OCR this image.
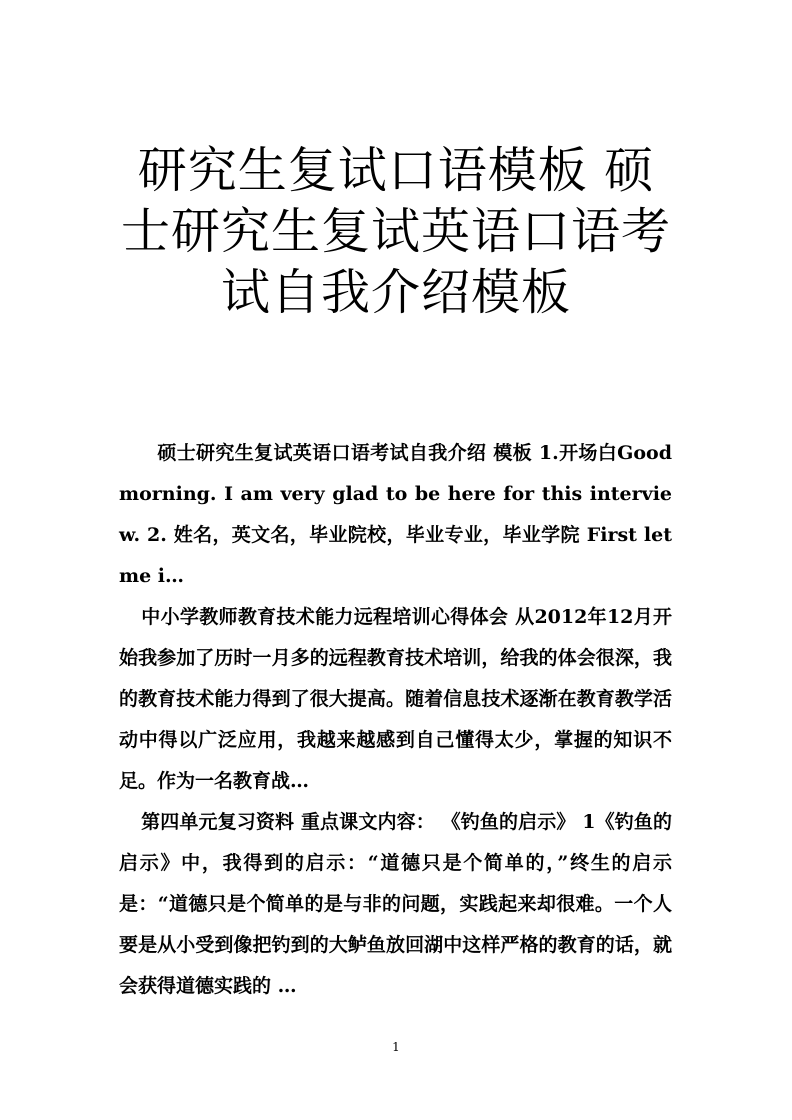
研究生复试口语模板 硕士研究生复试英语口语考试自我介绍模板

硕士研究生复试英语口语考试自我介绍 模板 1.开场白Good morning. I am very glad to be here for this interview. 2. 姓名，英文名，毕业院校，毕业专业，毕业学院 First let me i…

中小学教师教育技术能力远程培训心得体会 从2012年12月开始我参加了历时一月多的远程教育技术培训，给我的体会很深，我的教育技术能力得到了很大提高。随着信息技术逐渐在教育教学活动中得以广泛应用，我越来越感到自己懂得太少，掌握的知识不足。作为一名教育战…

第四单元复习资料 重点课文内容： 《钓鱼的启示》 1《钓鱼的启示》中，我得到的启示：“道德只是个简单的，”终生的启示是：“道德只是个简单的是与非的问题，实践起来却很难。一个人要是从小受到像把钓到的大鲈鱼放回湖中这样严格的教育的话，就会获得道德实践的 …

1
